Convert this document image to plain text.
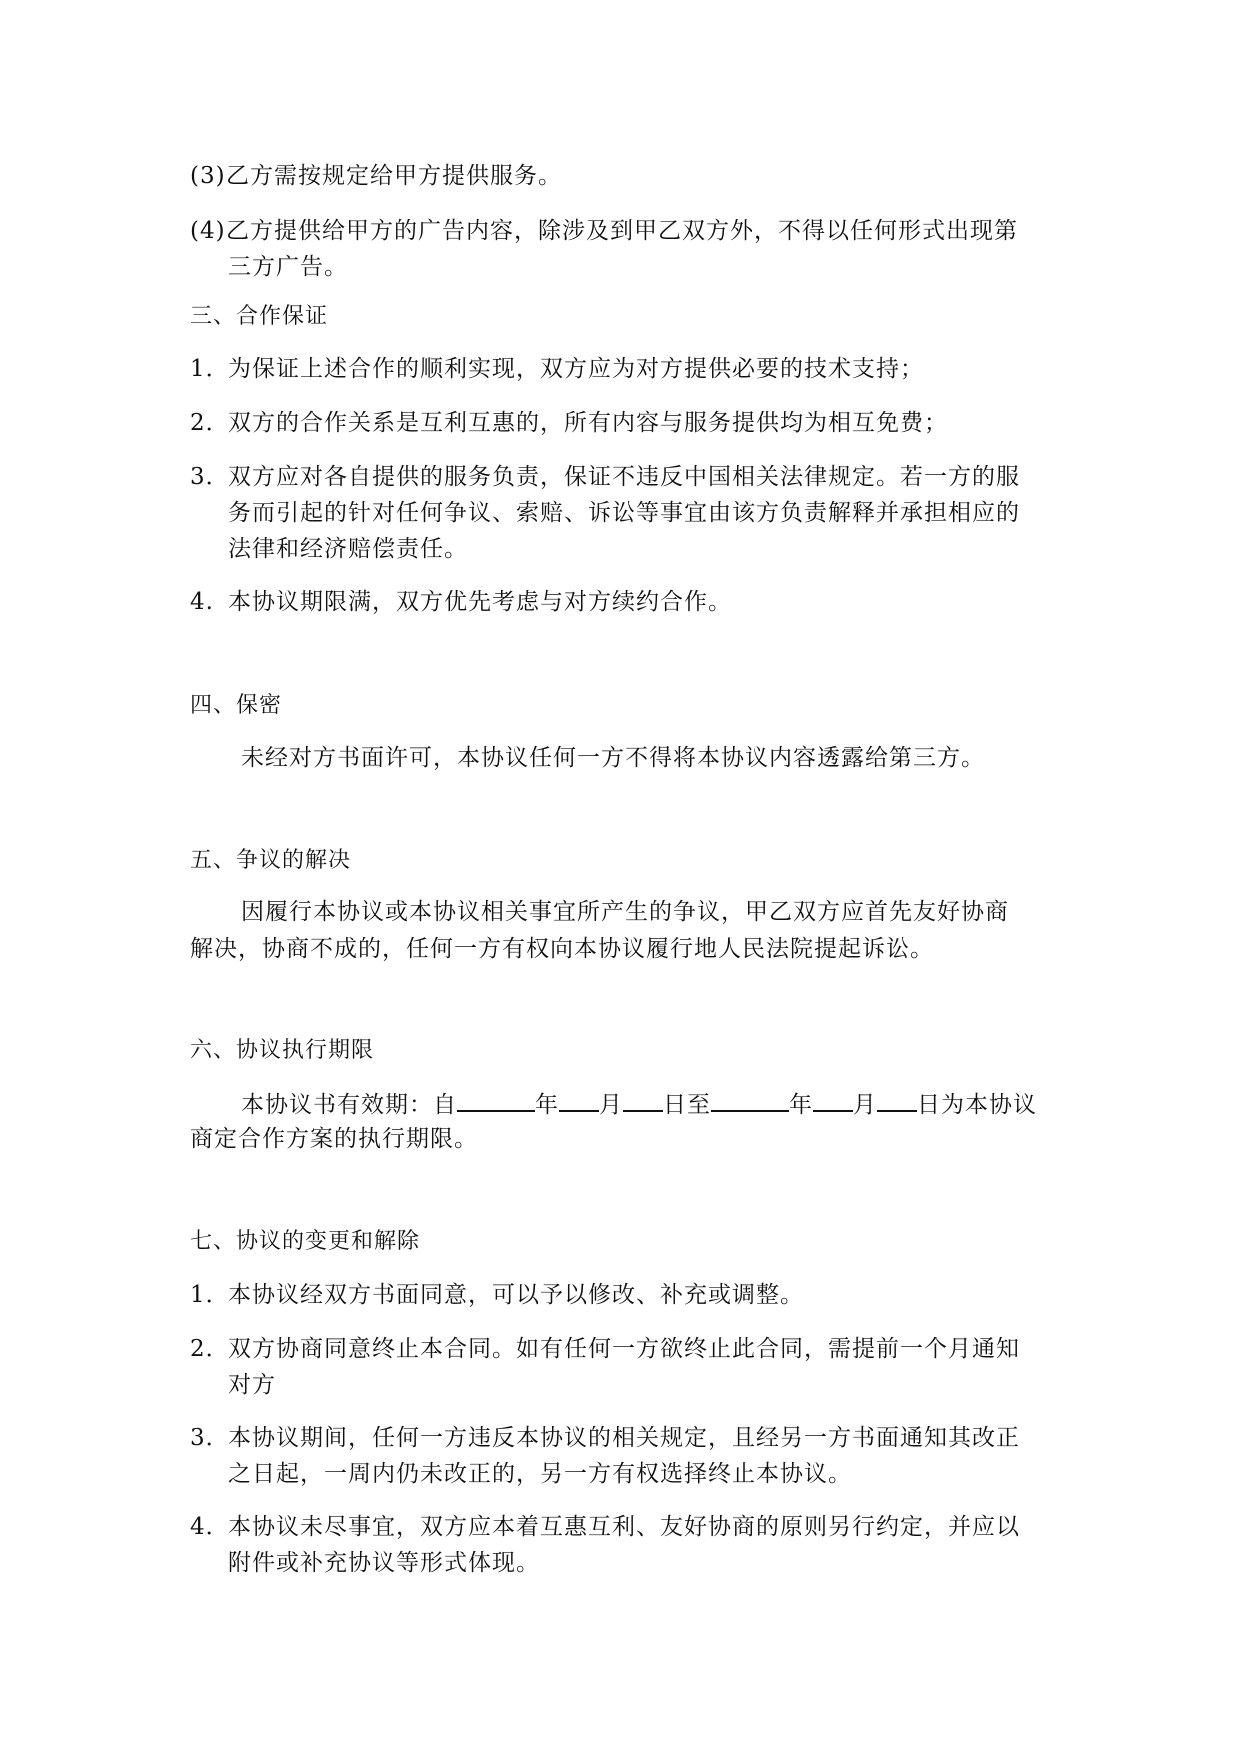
(3)乙方需按规定给甲方提供服务。
(4)乙方提供给甲方的广告内容，除涉及到甲乙双方外，不得以任何形式出现第
三方广告。
三、合作保证
1．为保证上述合作的顺利实现，双方应为对方提供必要的技术支持；
2．双方的合作关系是互利互惠的，所有内容与服务提供均为相互免费；
3．双方应对各自提供的服务负责，保证不违反中国相关法律规定。若一方的服
务而引起的针对任何争议、索赔、诉讼等事宜由该方负责解释并承担相应的
法律和经济赔偿责任。
4. 本协议期限满，双方优先考虑与对方续约合作。
四、保密
未经对方书面许可，本协议任何一方不得将本协议内容透露给第三方。
五、争议的解决
因履行本协议或本协议相关事宜所产生的争议，甲乙双方应首先友好协商
解决，协商不成的，任何一方有权向本协议履行地人民法院提起诉讼。
六、协议执行期限
本协议书有效期：自	年 月 日至	年 月 日为本协议
商定合作方案的执行期限。
七、协议的变更和解除
1．本协议经双方书面同意，可以予以修改、补充或调整。
2．双方协商同意终止本合同。如有任何一方欲终止此合同，需提前一个月通知
对方
3．本协议期间，任何一方违反本协议的相关规定，且经另一方书面通知其改正
之日起，一周内仍未改正的，另一方有权选择终止本协议。
4．本协议未尽事宜，双方应本着互惠互利、友好协商的原则另行约定，并应以
附件或补充协议等形式体现。
